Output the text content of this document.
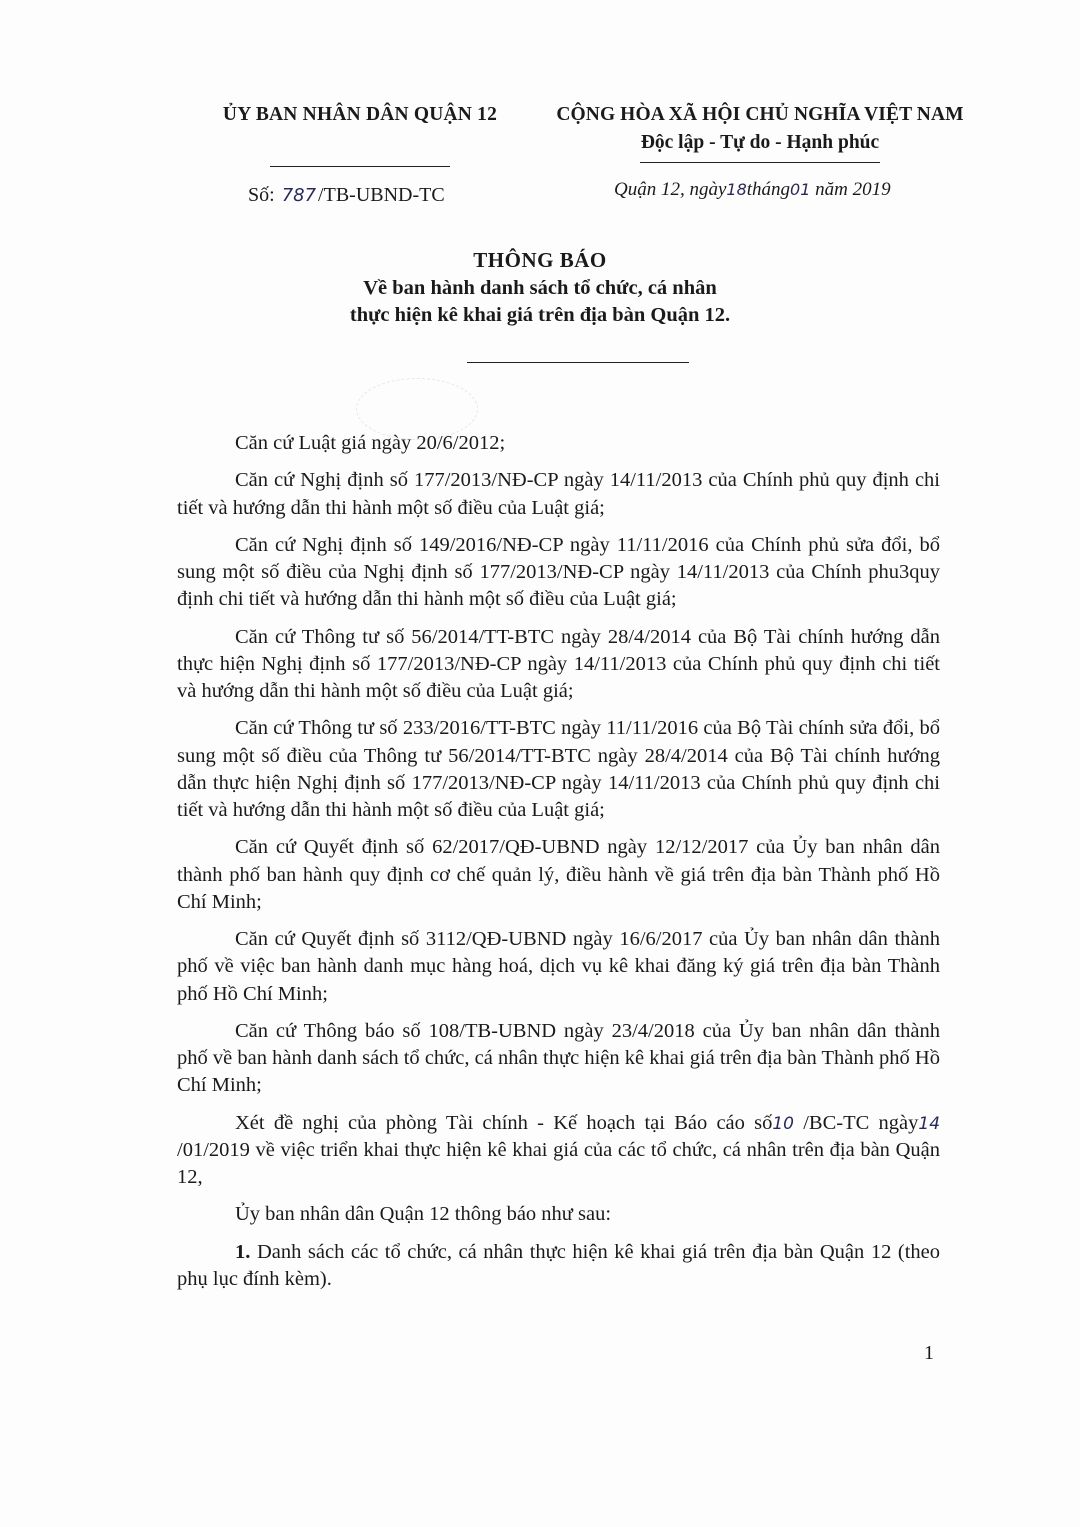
ỦY BAN NHÂN DÂN QUẬN 12	CỘNG HÒA XÃ HỘI CHỦ NGHĨA VIỆT NAM
Độc lập - Tự do - Hạnh phúc
Số: 787 /TB-UBND-TC	Quận 12, ngày18tháng01 năm 2019
THÔNG BÁO
Về ban hành danh sách tổ chức, cá nhân
thực hiện kê khai giá trên địa bàn Quận 12.

Căn cứ Luật giá ngày 20/6/2012;

Căn cứ Nghị định số 177/2013/NĐ-CP ngày 14/11/2013 của Chính phủ quy định chi tiết và hướng dẫn thi hành một số điều của Luật giá;

Căn cứ Nghị định số 149/2016/NĐ-CP ngày 11/11/2016 của Chính phủ sửa đổi, bổ sung một số điều của Nghị định số 177/2013/NĐ-CP ngày 14/11/2013 của Chính phu3quy định chi tiết và hướng dẫn thi hành một số điều của Luật giá;

Căn cứ Thông tư số 56/2014/TT-BTC ngày 28/4/2014 của Bộ Tài chính hướng dẫn thực hiện Nghị định số 177/2013/NĐ-CP ngày 14/11/2013 của Chính phủ quy định chi tiết và hướng dẫn thi hành một số điều của Luật giá;

Căn cứ Thông tư số 233/2016/TT-BTC ngày 11/11/2016 của Bộ Tài chính sửa đổi, bổ sung một số điều của Thông tư 56/2014/TT-BTC ngày 28/4/2014 của Bộ Tài chính hướng dẫn thực hiện Nghị định số 177/2013/NĐ-CP ngày 14/11/2013 của Chính phủ quy định chi tiết và hướng dẫn thi hành một số điều của Luật giá;

Căn cứ Quyết định số 62/2017/QĐ-UBND ngày 12/12/2017 của Ủy ban nhân dân thành phố ban hành quy định cơ chế quản lý, điều hành về giá trên địa bàn Thành phố Hồ Chí Minh;

Căn cứ Quyết định số 3112/QĐ-UBND ngày 16/6/2017 của Ủy ban nhân dân thành phố về việc ban hành danh mục hàng hoá, dịch vụ kê khai đăng ký giá trên địa bàn Thành phố Hồ Chí Minh;

Căn cứ Thông báo số 108/TB-UBND ngày 23/4/2018 của Ủy ban nhân dân thành phố về ban hành danh sách tổ chức, cá nhân thực hiện kê khai giá trên địa bàn Thành phố Hồ Chí Minh;

Xét đề nghị của phòng Tài chính - Kế hoạch tại Báo cáo số10 /BC-TC ngày14 /01/2019 về việc triển khai thực hiện kê khai giá của các tổ chức, cá nhân trên địa bàn Quận 12,

Ủy ban nhân dân Quận 12 thông báo như sau:

1. Danh sách các tổ chức, cá nhân thực hiện kê khai giá trên địa bàn Quận 12 (theo phụ lục đính kèm).

1
